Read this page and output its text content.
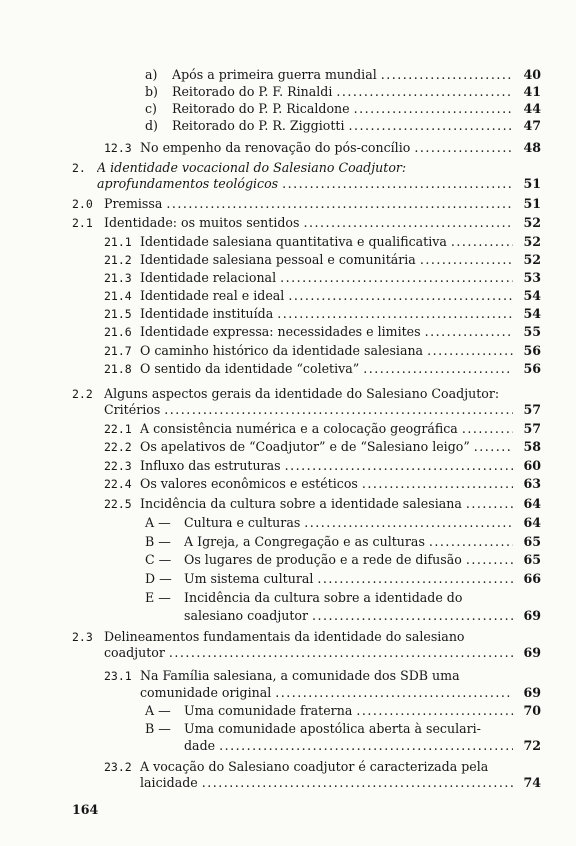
a)	Após a primeira guerra mundial .....	40
b)	Reitorado do P. F. Rinaldi .....	41
c)	Reitorado do P. P. Ricaldone .....	44
d)	Reitorado do P. R. Ziggiotti .....	47
12.3 No empenho da renovação do pós-concílio .....	48
2. A identidade vocacional do Salesiano Coadjutor:
aprofundamentos teológicos .....	51
2.0 Premissa .....	51
2.1 Identidade: os muitos sentidos .....	52
21.1 Identidade salesiana quantitativa e qualificativa .....	52
21.2 Identidade salesiana pessoal e comunitária .....	52
21.3 Identidade relacional .....	53
21.4 Identidade real e ideal .....	54
21.5 Identidade instituída .....	54
21.6 Identidade expressa: necessidades e limites .....	55
21.7 O caminho histórico da identidade salesiana .....	56
21.8 O sentido da identidade “coletiva” .....	56
2.2 Alguns aspectos gerais da identidade do Salesiano Coadjutor:
Critérios .....	57
22.1 A consistência numérica e a colocação geográfica .....	57
22.2 Os apelativos de “Coadjutor” e de “Salesiano leigo” .....	58
22.3 Influxo das estruturas .....	60
22.4 Os valores econômicos e estéticos .....	63
22.5 Incidência da cultura sobre a identidade salesiana .....	64
A —	Cultura e culturas .....	64
B —	A Igreja, a Congregação e as culturas .....	65
C —	Os lugares de produção e a rede de difusão .....	65
D — Um sistema cultural .....	66
E —	Incidência da cultura sobre a identidade do
salesiano coadjutor .....	69
2.3 Delineamentos fundamentais da identidade do salesiano
coadjutor .....	69
23.1 Na Família salesiana, a comunidade dos SDB uma
comunidade original .....	69
A —	Uma comunidade fraterna .....	70
B —	Uma comunidade apostólica aberta à seculari-
dade .....	72
23.2 A vocação do Salesiano coadjutor é caracterizada pela
laicidade .....	74
164
